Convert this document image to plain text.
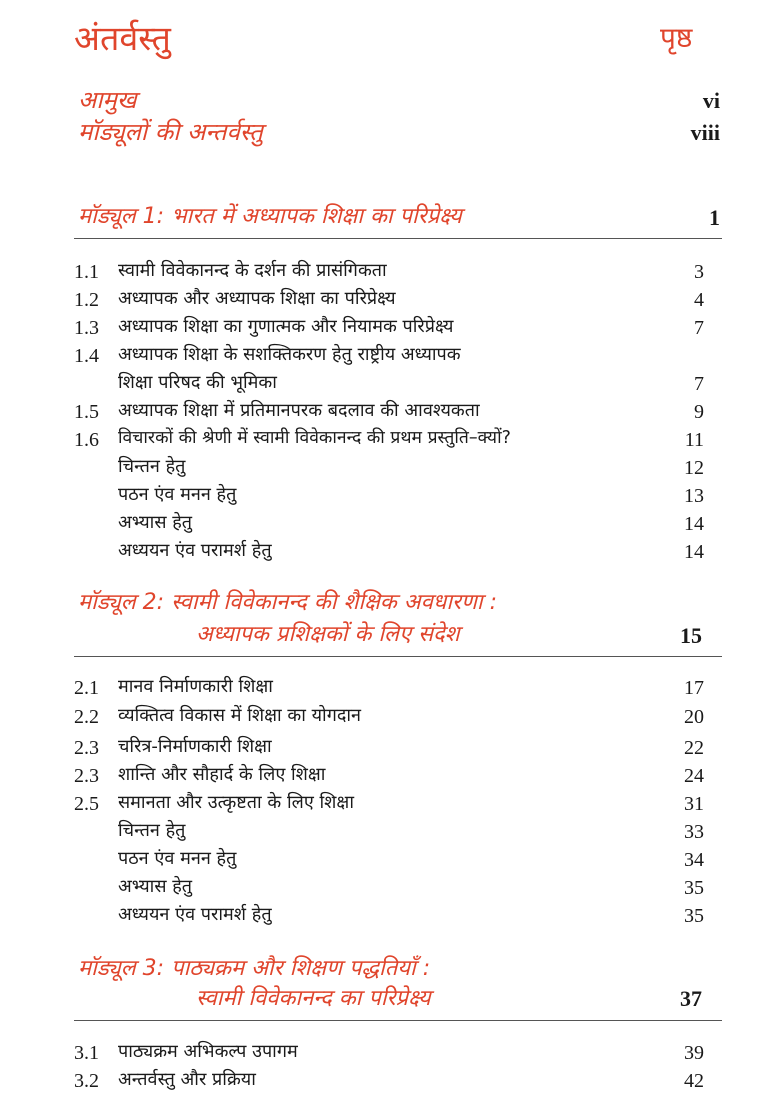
अंतर्वस्तु	पृष्ठ
आमुख	vi
मॉड्यूलों की अन्तर्वस्तु	viii
मॉड्यूल 1: भारत में अध्यापक शिक्षा का परिप्रेक्ष्य	1
1.1 स्वामी विवेकानन्द के दर्शन की प्रासंगिकता	3
1.2 अध्यापक और अध्यापक शिक्षा का परिप्रेक्ष्य	4
1.3 अध्यापक शिक्षा का गुणात्मक और नियामक परिप्रेक्ष्य	7
1.4 अध्यापक शिक्षा के सशक्तिकरण हेतु राष्ट्रीय अध्यापक
शिक्षा परिषद की भूमिका	7
1.5 अध्यापक शिक्षा में प्रतिमानपरक बदलाव की आवश्यकता	9
1.6 विचारकों की श्रेणी में स्वामी विवेकानन्द की प्रथम प्रस्तुति–क्यों?	11
चिन्तन हेतु	12
पठन एंव मनन हेतु	13
अभ्यास हेतु	14
अध्ययन एंव परामर्श हेतु	14
मॉड्यूल 2: स्वामी विवेकानन्द की शैक्षिक अवधारणा :
अध्यापक प्रशिक्षकों के लिए संदेश	15
2.1 मानव निर्माणकारी शिक्षा	17
2.2 व्यक्तित्व विकास में शिक्षा का योगदान	20
2.3 चरित्र-निर्माणकारी शिक्षा	22
2.3 शान्ति और सौहार्द के लिए शिक्षा	24
2.5 समानता और उत्कृष्टता के लिए शिक्षा	31
चिन्तन हेतु	33
पठन एंव मनन हेतु	34
अभ्यास हेतु	35
अध्ययन एंव परामर्श हेतु	35
मॉड्यूल 3: पाठ्यक्रम और शिक्षण पद्धतियाँ :
स्वामी विवेकानन्द का परिप्रेक्ष्य	37
3.1 पाठ्यक्रम अभिकल्प उपागम	39
3.2 अन्तर्वस्तु और प्रक्रिया	42
